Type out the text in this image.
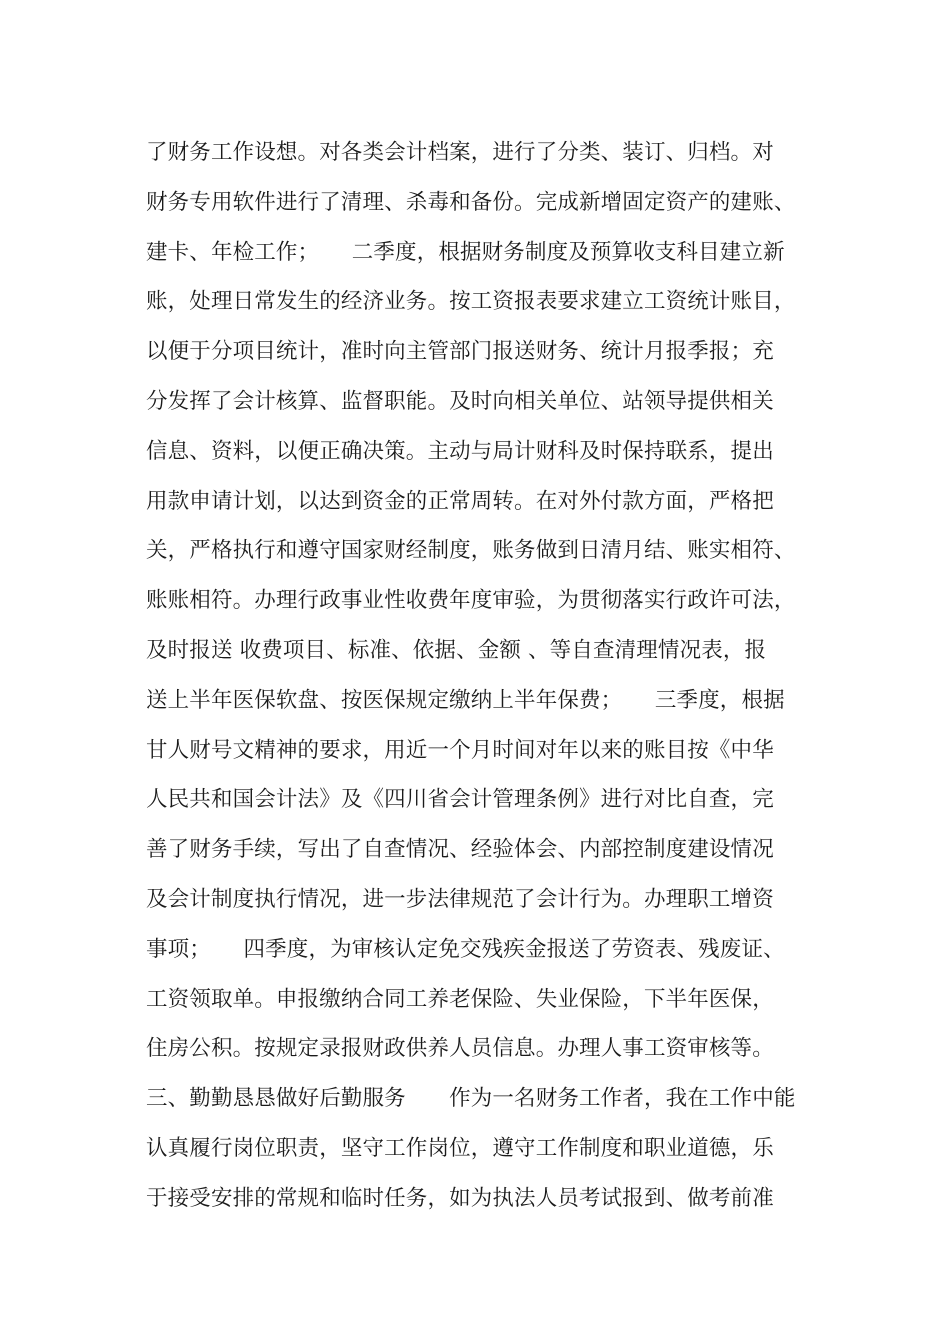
了财务工作设想。对各类会计档案，进行了分类、装订、归档。对
财务专用软件进行了清理、杀毒和备份。完成新增固定资产的建账、
建卡、年检工作；　　二季度，根据财务制度及预算收支科目建立新
账，处理日常发生的经济业务。按工资报表要求建立工资统计账目，
以便于分项目统计，准时向主管部门报送财务、统计月报季报；充
分发挥了会计核算、监督职能。及时向相关单位、站领导提供相关
信息、资料，以便正确决策。主动与局计财科及时保持联系，提出
用款申请计划，以达到资金的正常周转。在对外付款方面，严格把
关，严格执行和遵守国家财经制度，账务做到日清月结、账实相符、
账账相符。办理行政事业性收费年度审验，为贯彻落实行政许可法，
及时报送 收费项目、标准、依据、金额 、等自查清理情况表，报
送上半年医保软盘、按医保规定缴纳上半年保费；　　三季度，根据
甘人财号文精神的要求，用近一个月时间对年以来的账目按《中华
人民共和国会计法》及《四川省会计管理条例》进行对比自查，完
善了财务手续，写出了自查情况、经验体会、内部控制度建设情况
及会计制度执行情况，进一步法律规范了会计行为。办理职工增资
事项；　　四季度，为审核认定免交残疾金报送了劳资表、残废证、
工资领取单。申报缴纳合同工养老保险、失业保险，下半年医保，
住房公积。按规定录报财政供养人员信息。办理人事工资审核等。
三、勤勤恳恳做好后勤服务　　作为一名财务工作者，我在工作中能
认真履行岗位职责，坚守工作岗位，遵守工作制度和职业道德，乐
于接受安排的常规和临时任务，如为执法人员考试报到、做考前准
